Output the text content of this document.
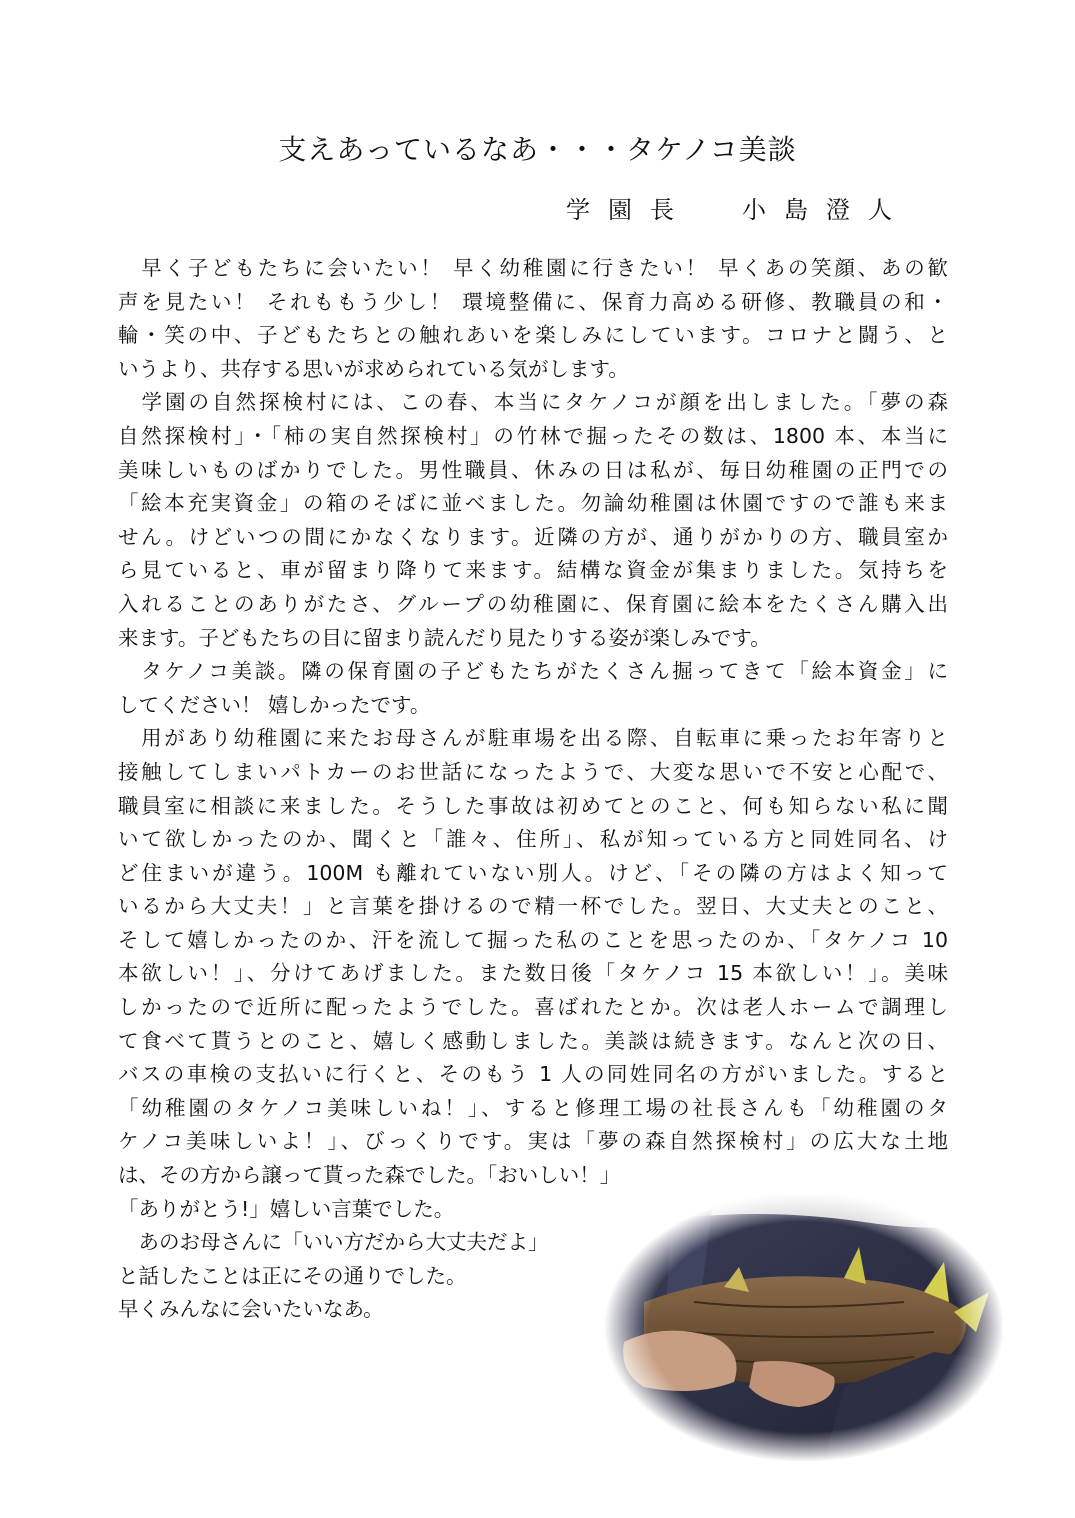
支えあっているなあ・・・タケノコ美談
学園長 小島澄人
　早く子どもたちに会いたい！ 早く幼稚園に行きたい！ 早くあの笑顔、あの歓
声を見たい！ それももう少し！ 環境整備に、保育力高める研修、教職員の和・
輪・笑の中、子どもたちとの触れあいを楽しみにしています。コロナと闘う、と
いうより、共存する思いが求められている気がします。
　学園の自然探検村には、この春、本当にタケノコが顔を出しました。「夢の森
自然探検村」・「柿の実自然探検村」の竹林で掘ったその数は、1800 本、本当に
美味しいものばかりでした。男性職員、休みの日は私が、毎日幼稚園の正門での
「絵本充実資金」の箱のそばに並べました。勿論幼稚園は休園ですので誰も来ま
せん。けどいつの間にかなくなります。近隣の方が、通りがかりの方、職員室か
ら見ていると、車が留まり降りて来ます。結構な資金が集まりました。気持ちを
入れることのありがたさ、グループの幼稚園に、保育園に絵本をたくさん購入出
来ます。子どもたちの目に留まり読んだり見たりする姿が楽しみです。
　タケノコ美談。隣の保育園の子どもたちがたくさん掘ってきて「絵本資金」に
してください！ 嬉しかったです。
　用があり幼稚園に来たお母さんが駐車場を出る際、自転車に乗ったお年寄りと
接触してしまいパトカーのお世話になったようで、大変な思いで不安と心配で、
職員室に相談に来ました。そうした事故は初めてとのこと、何も知らない私に聞
いて欲しかったのか、聞くと「誰々、住所」、私が知っている方と同姓同名、け
ど住まいが違う。100M も離れていない別人。けど、「その隣の方はよく知って
いるから大丈夫！」と言葉を掛けるので精一杯でした。翌日、大丈夫とのこと、
そして嬉しかったのか、汗を流して掘った私のことを思ったのか、「タケノコ 10
本欲しい！」、分けてあげました。また数日後「タケノコ 15 本欲しい！」。美味
しかったので近所に配ったようでした。喜ばれたとか。次は老人ホームで調理し
て食べて貰うとのこと、嬉しく感動しました。美談は続きます。なんと次の日、
バスの車検の支払いに行くと、そのもう 1 人の同姓同名の方がいました。すると
「幼稚園のタケノコ美味しいね！」、すると修理工場の社長さんも「幼稚園のタ
ケノコ美味しいよ！」、びっくりです。実は「夢の森自然探検村」の広大な土地
は、その方から譲って貰った森でした。「おいしい！」
「ありがとう!」嬉しい言葉でした。
　あのお母さんに「いい方だから大丈夫だよ」
と話したことは正にその通りでした。
早くみんなに会いたいなあ。
